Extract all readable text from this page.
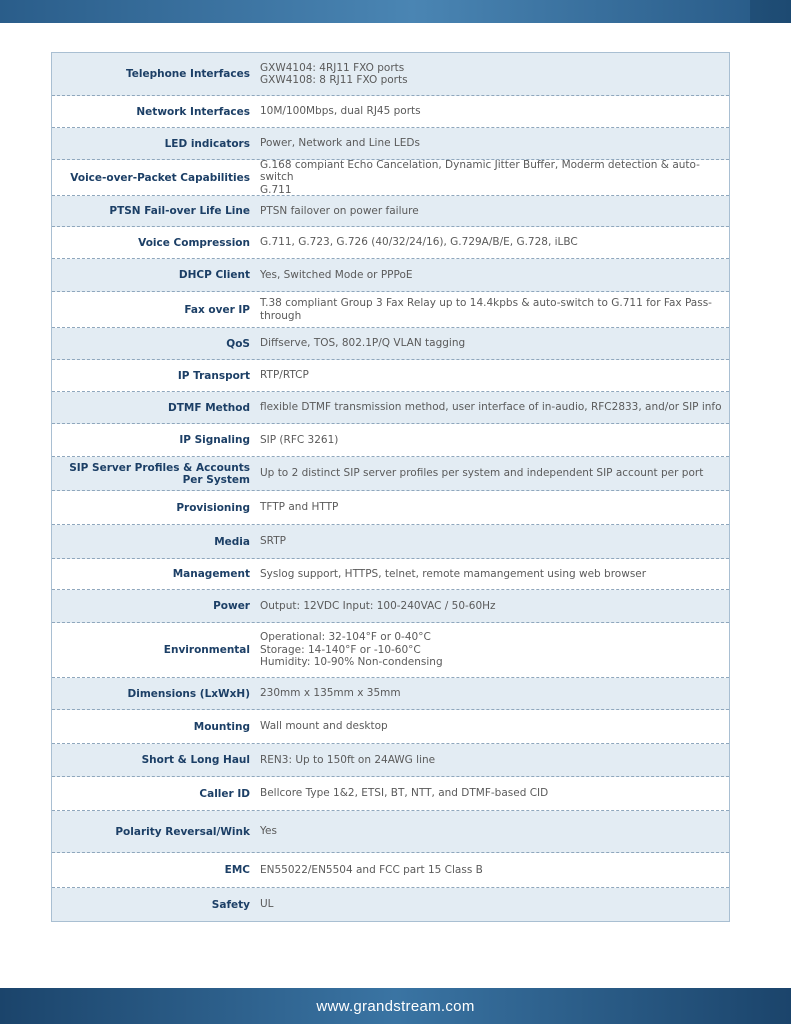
Telephone Interfaces
GXW4104: 4RJ11 FXO ports
GXW4108: 8 RJ11 FXO ports
Network Interfaces 10M/100Mbps, dual RJ45 ports
LED indicators Power, Network and Line LEDs
Voice-over-Packet Capabilities
G.168 compiant Echo Cancelation, Dynamic Jitter Buffer, Moderm detection & auto-switch
G.711
PTSN Fail-over Life Line PTSN failover on power failure
Voice Compression G.711, G.723, G.726 (40/32/24/16), G.729A/B/E, G.728, iLBC
DHCP Client Yes, Switched Mode or PPPoE
Fax over IP
T.38 compliant Group 3 Fax Relay up to 14.4kpbs & auto-switch to G.711 for Fax Pass-through
QoS Diffserve, TOS, 802.1P/Q VLAN tagging
IP Transport RTP/RTCP
DTMF Method flexible DTMF transmission method, user interface of in-audio, RFC2833, and/or SIP info
IP Signaling SIP (RFC 3261)
SIP Server Profiles & Accounts Per System
Up to 2 distinct SIP server profiles per system and independent SIP account per port
Provisioning TFTP and HTTP
Media SRTP
Management Syslog support, HTTPS, telnet, remote mamangement using web browser
Power Output: 12VDC Input: 100-240VAC / 50-60Hz
Environmental
Operational: 32-104°F or 0-40°C
Storage: 14-140°F or -10-60°C
Humidity: 10-90% Non-condensing
Dimensions (LxWxH) 230mm x 135mm x 35mm
Mounting Wall mount and desktop
Short & Long Haul REN3: Up to 150ft on 24AWG line
Caller ID Bellcore Type 1&2, ETSI, BT, NTT, and DTMF-based CID
Polarity Reversal/Wink Yes
EMC EN55022/EN5504 and FCC part 15 Class B
Safety UL
www.grandstream.com
